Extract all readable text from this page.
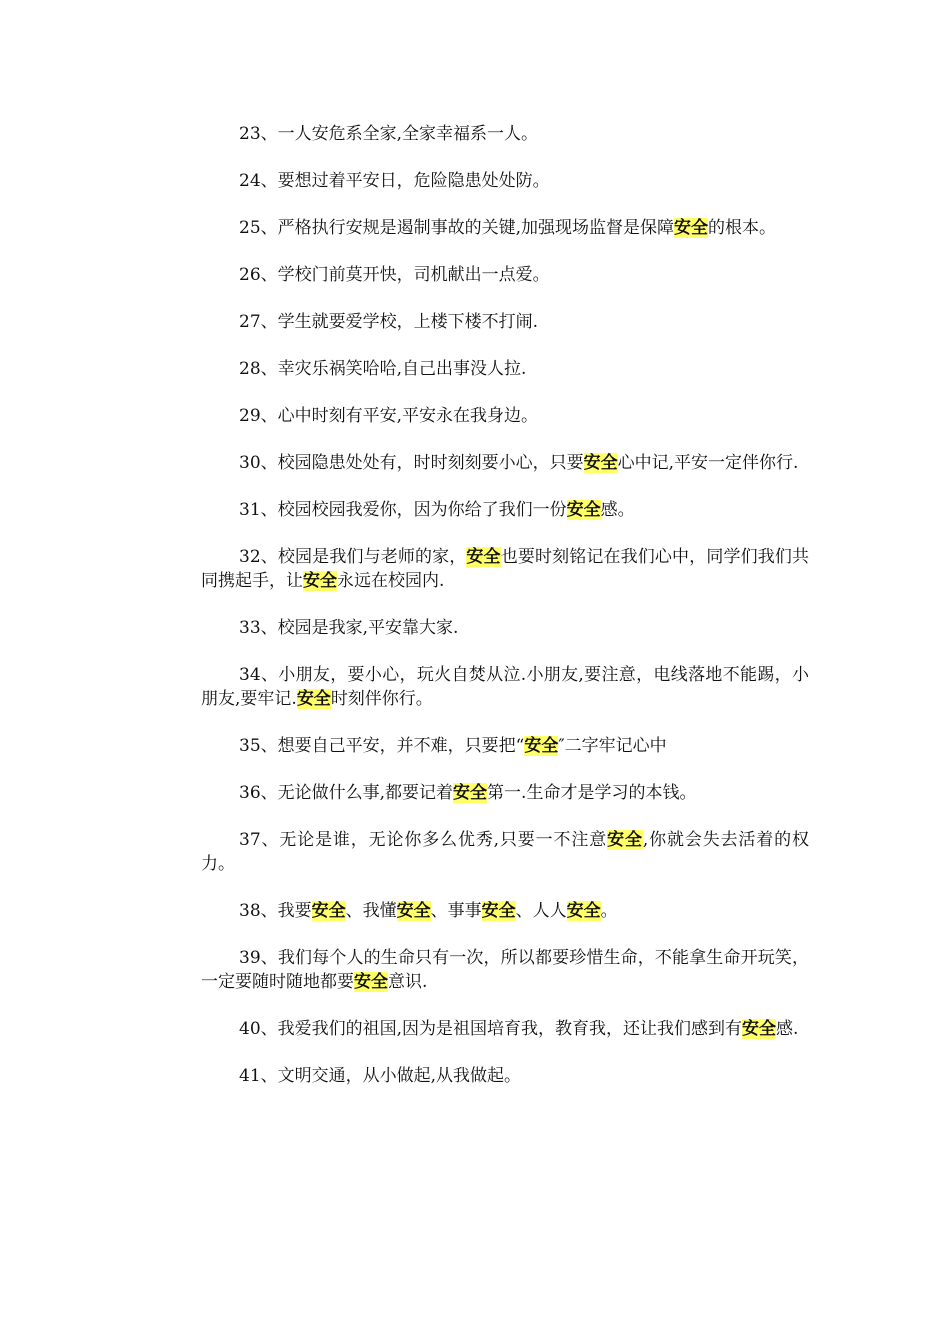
23、一人安危系全家,全家幸福系一人。

24、要想过着平安日，危险隐患处处防。

25、严格执行安规是遏制事故的关键,加强现场监督是保障安全的根本。

26、学校门前莫开快，司机献出一点爱。

27、学生就要爱学校，上楼下楼不打闹.

28、幸灾乐祸笑哈哈,自己出事没人拉.

29、心中时刻有平安,平安永在我身边。

30、校园隐患处处有，时时刻刻要小心，只要安全心中记,平安一定伴你行.

31、校园校园我爱你，因为你给了我们一份安全感。

32、校园是我们与老师的家，安全也要时刻铭记在我们心中，同学们我们共同携起手，让安全永远在校园内.

33、校园是我家,平安靠大家.

34、小朋友，要小心，玩火自焚从泣.小朋友,要注意，电线落地不能踢，小朋友,要牢记.安全时刻伴你行。

35、想要自己平安，并不难，只要把“安全″二字牢记心中

36、无论做什么事,都要记着安全第一.生命才是学习的本钱。

37、无论是谁，无论你多么优秀,只要一不注意安全,你就会失去活着的权力。

38、我要安全、我懂安全、事事安全、人人安全。

39、我们每个人的生命只有一次，所以都要珍惜生命，不能拿生命开玩笑，一定要随时随地都要安全意识.

40、我爱我们的祖国,因为是祖国培育我，教育我，还让我们感到有安全感.

41、文明交通，从小做起,从我做起。
